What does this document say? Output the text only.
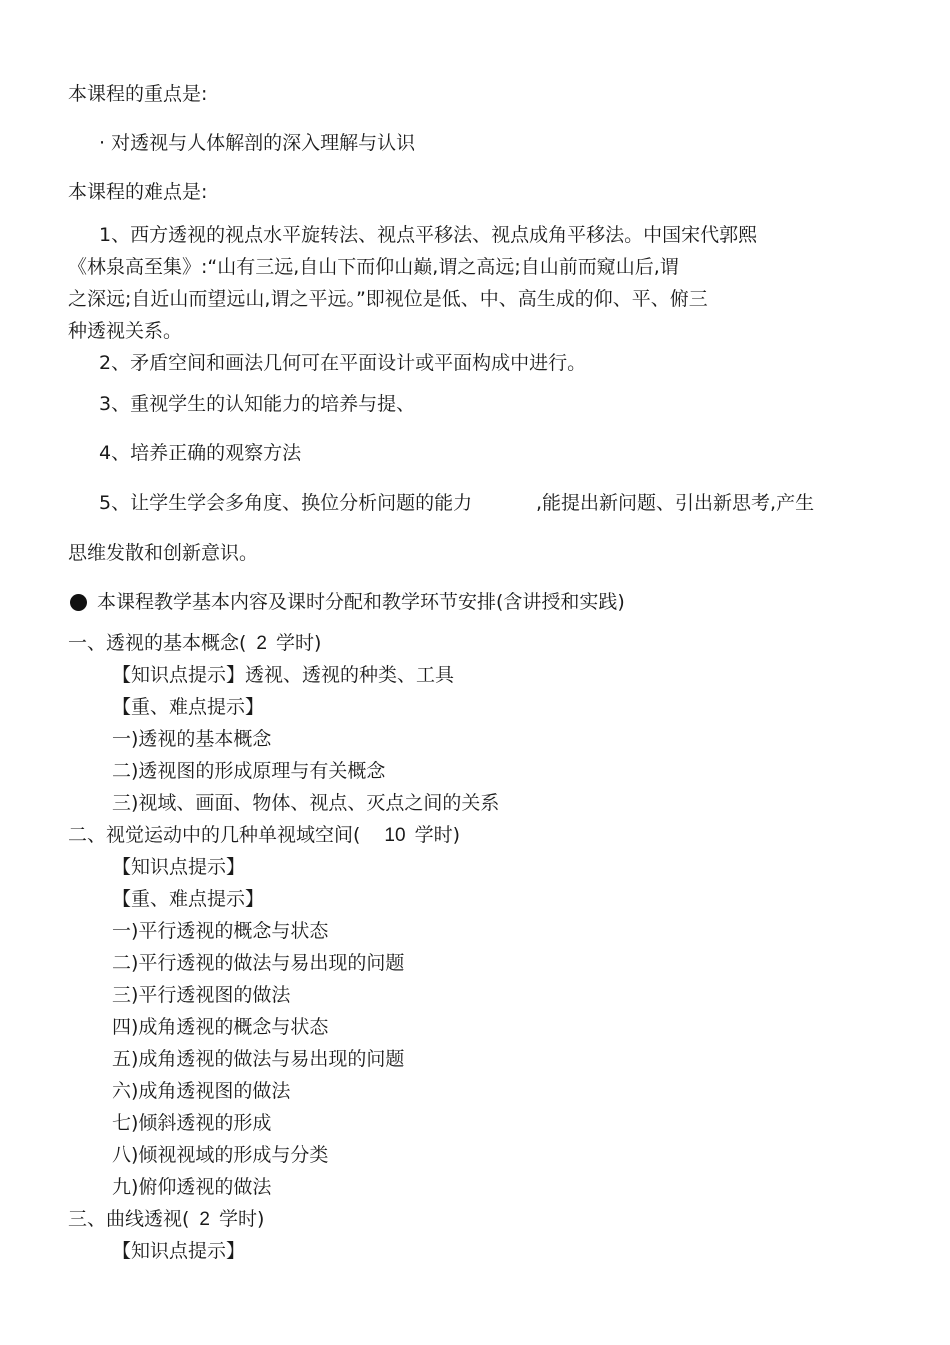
本课程的重点是:
· 对透视与人体解剖的深入理解与认识
本课程的难点是:
1、西方透视的视点水平旋转法、视点平移法、视点成角平移法。中国宋代郭熙
《林泉高至集》:“山有三远,自山下而仰山巅,谓之高远;自山前而窥山后,谓
之深远;自近山而望远山,谓之平远。”即视位是低、中、高生成的仰、平、俯三
种透视关系。
2、矛盾空间和画法几何可在平面设计或平面构成中进行。
3、重视学生的认知能力的培养与提、
4、培养正确的观察方法
5、让学生学会多角度、换位分析问题的能力	,能提出新问题、引出新思考,产生
思维发散和创新意识。
本课程教学基本内容及课时分配和教学环节安排(含讲授和实践)
一、透视的基本概念( 2 学时)
【知识点提示】透视、透视的种类、工具
【重、难点提示】
一)透视的基本概念
二)透视图的形成原理与有关概念
三)视域、画面、物体、视点、灭点之间的关系
二、视觉运动中的几种单视域空间( 10 学时)
【知识点提示】
【重、难点提示】
一)平行透视的概念与状态
二)平行透视的做法与易出现的问题
三)平行透视图的做法
四)成角透视的概念与状态
五)成角透视的做法与易出现的问题
六)成角透视图的做法
七)倾斜透视的形成
八)倾视视域的形成与分类
九)俯仰透视的做法
三、曲线透视( 2 学时)
【知识点提示】
